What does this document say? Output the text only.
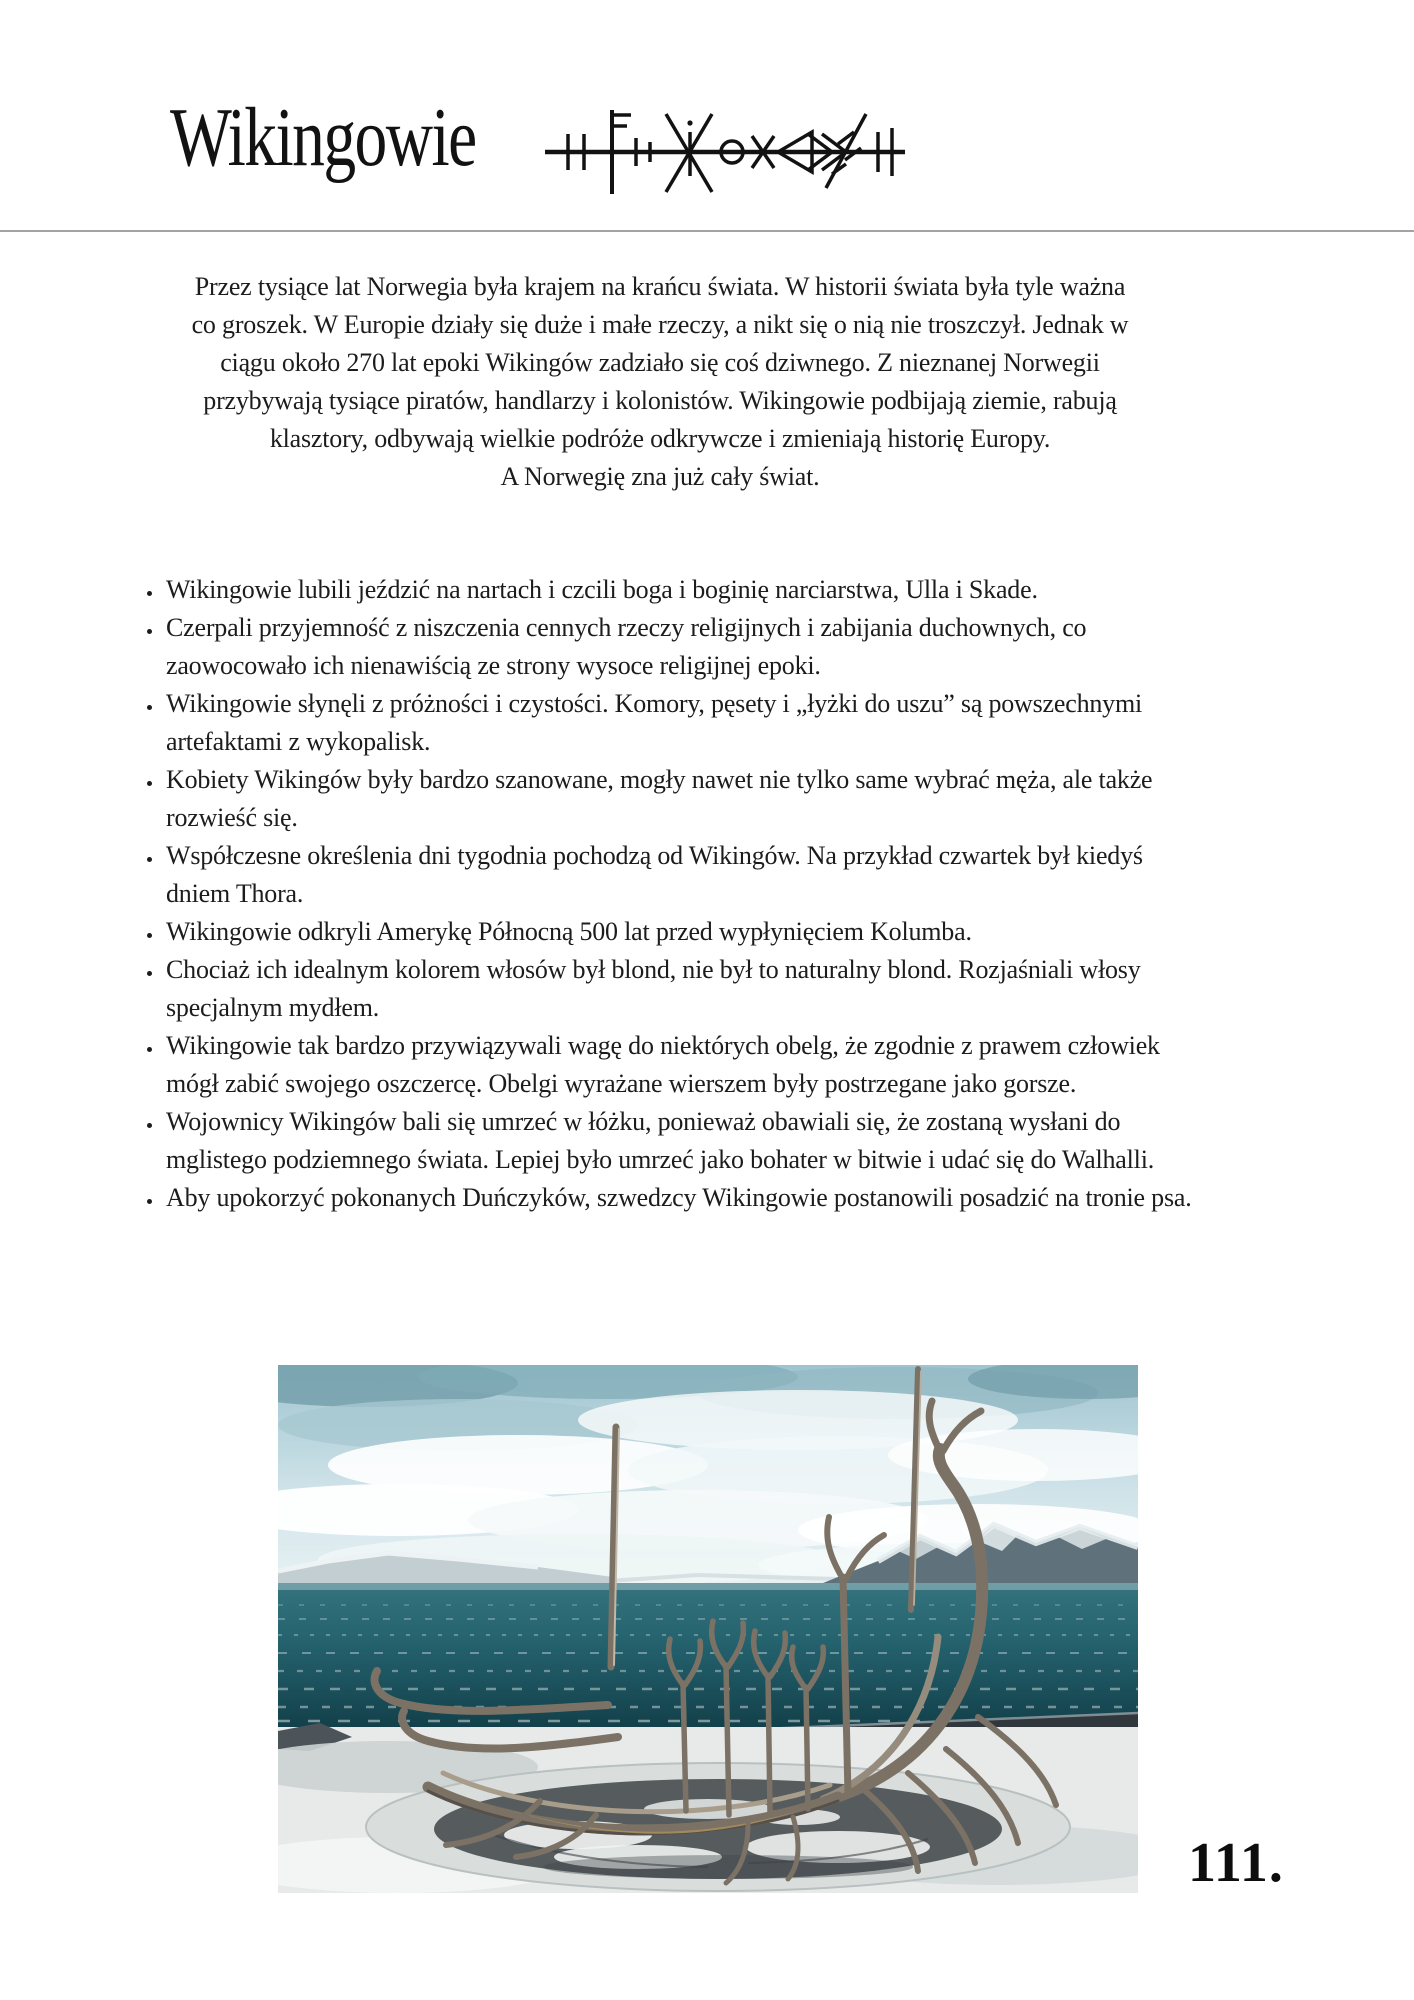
Wikingowie
Przez tysiące lat Norwegia była krajem na krańcu świata. W historii świata była tyle ważna
co groszek. W Europie działy się duże i małe rzeczy, a nikt się o nią nie troszczył. Jednak w
ciągu około 270 lat epoki Wikingów zadziało się coś dziwnego. Z nieznanej Norwegii
przybywają tysiące piratów, handlarzy i kolonistów. Wikingowie podbijają ziemie, rabują
klasztory, odbywają wielkie podróże odkrywcze i zmieniają historię Europy.
A Norwegię zna już cały świat.
• Wikingowie lubili jeździć na nartach i czcili boga i boginię narciarstwa, Ulla i Skade.
• Czerpali przyjemność z niszczenia cennych rzeczy religijnych i zabijania duchownych, co zaowocowało ich nienawiścią ze strony wysoce religijnej epoki.
• Wikingowie słynęli z próżności i czystości. Komory, pęsety i „łyżki do uszu” są powszechnymi artefaktami z wykopalisk.
• Kobiety Wikingów były bardzo szanowane, mogły nawet nie tylko same wybrać męża, ale także rozwieść się.
• Współczesne określenia dni tygodnia pochodzą od Wikingów. Na przykład czwartek był kiedyś dniem Thora.
• Wikingowie odkryli Amerykę Północną 500 lat przed wypłynięciem Kolumba.
• Chociaż ich idealnym kolorem włosów był blond, nie był to naturalny blond. Rozjaśniali włosy specjalnym mydłem.
• Wikingowie tak bardzo przywiązywali wagę do niektórych obelg, że zgodnie z prawem człowiek mógł zabić swojego oszczercę. Obelgi wyrażane wierszem były postrzegane jako gorsze.
• Wojownicy Wikingów bali się umrzeć w łóżku, ponieważ obawiali się, że zostaną wysłani do mglistego podziemnego świata. Lepiej było umrzeć jako bohater w bitwie i udać się do Walhalli.
• Aby upokorzyć pokonanych Duńczyków, szwedzcy Wikingowie postanowili posadzić na tronie psa.
111.
